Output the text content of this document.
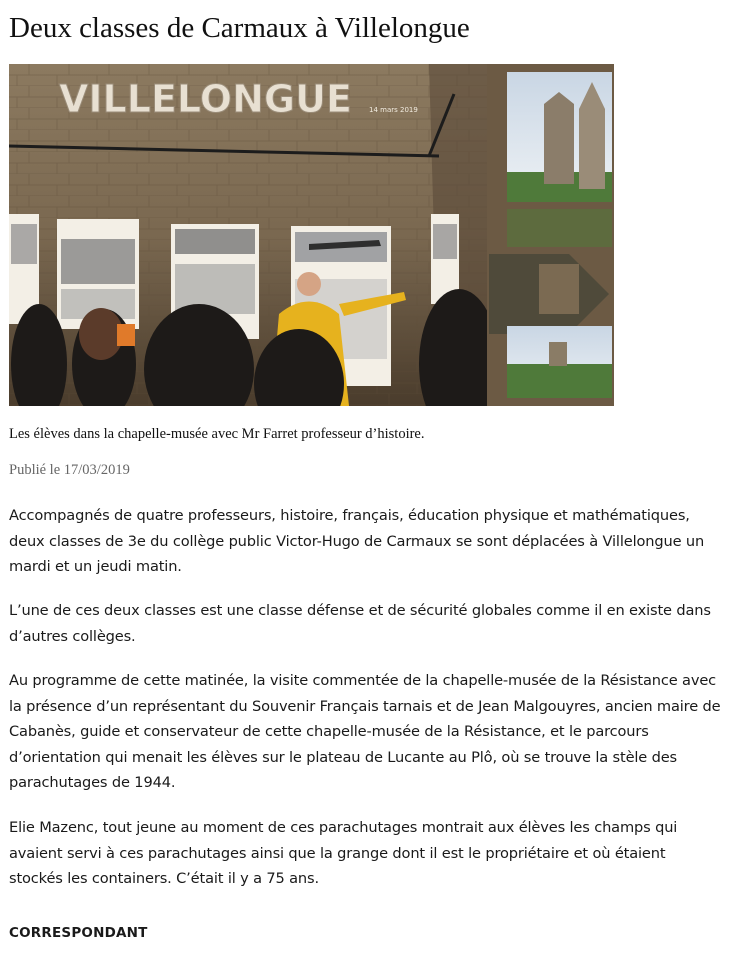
Deux classes de Carmaux à Villelongue
VILLELONGUE 14 mars 2019
Les élèves dans la chapelle-musée avec Mr Farret professeur d’histoire.
Publié le 17/03/2019

Accompagnés de quatre professeurs, histoire, français, éducation physique et mathématiques, deux classes de 3e du collège public Victor-Hugo de Carmaux se sont déplacées à Villelongue un mardi et un jeudi matin.

L’une de ces deux classes est une classe défense et de sécurité globales comme il en existe dans d’autres collèges.

Au programme de cette matinée, la visite commentée de la chapelle-musée de la Résistance avec la présence d’un représentant du Souvenir Français tarnais et de Jean Malgouyres, ancien maire de Cabanès, guide et conservateur de cette chapelle-musée de la Résistance, et le parcours d’orientation qui menait les élèves sur le plateau de Lucante au Plô, où se trouve la stèle des parachutages de 1944.

Elie Mazenc, tout jeune au moment de ces parachutages montrait aux élèves les champs qui avaient servi à ces parachutages ainsi que la grange dont il est le propriétaire et où étaient stockés les containers. C’était il y a 75 ans.

CORRESPONDANT
